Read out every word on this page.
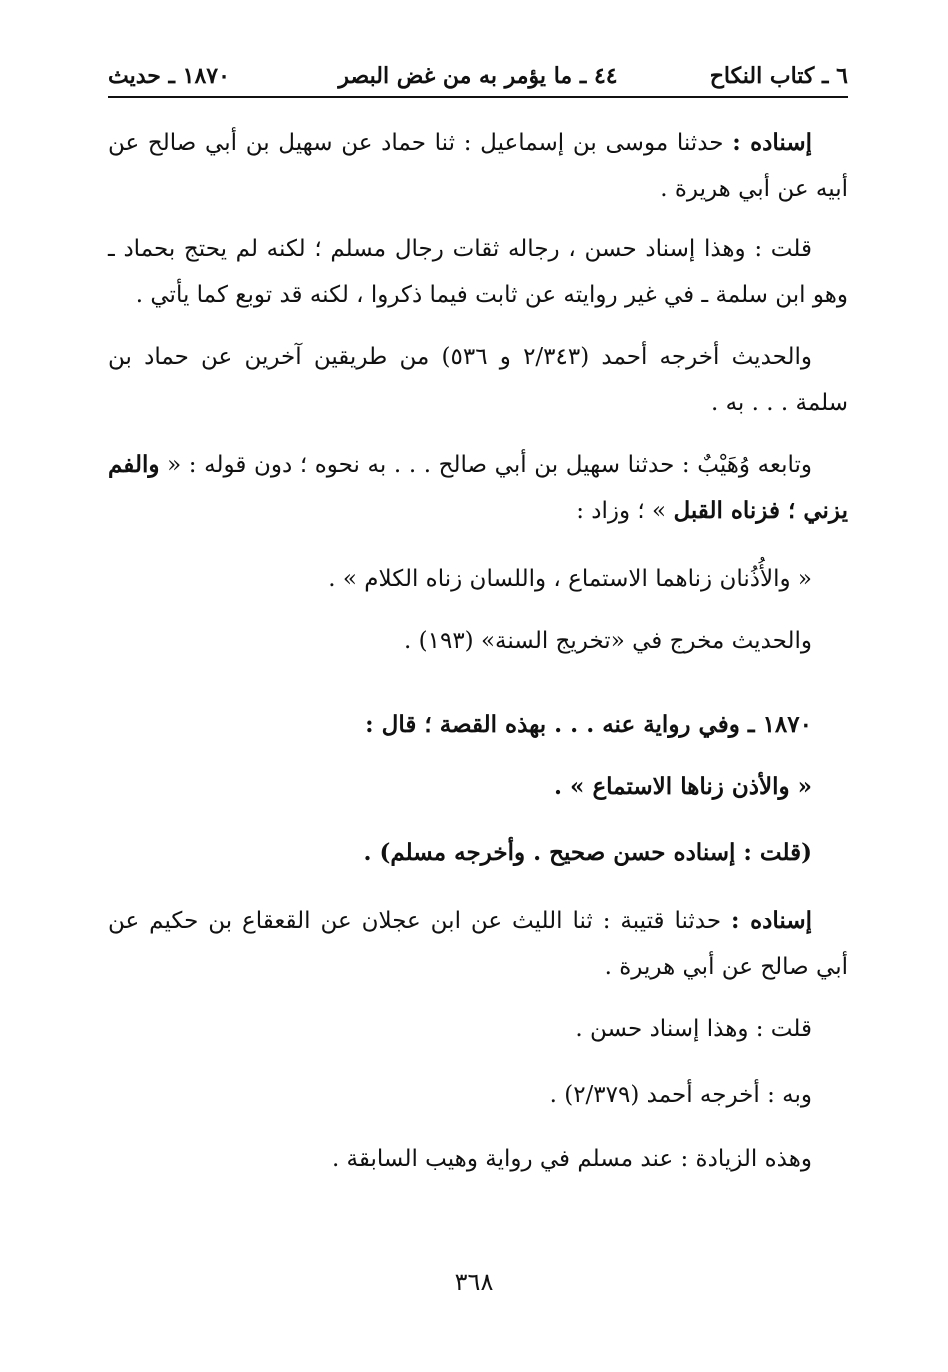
٦ ـ كتاب النكاح
٤٤ ـ ما يؤمر به من غض البصر
١٨٧٠ ـ حديث

إسناده : حدثنا موسى بن إسماعيل : ثنا حماد عن سهيل بن أبي صالح عن أبيه عن أبي هريرة .

قلت : وهذا إسناد حسن ، رجاله ثقات رجال مسلم ؛ لكنه لم يحتج بحماد ـ وهو ابن سلمة ـ في غير روايته عن ثابت فيما ذكروا ، لكنه قد توبع كما يأتي .

والحديث أخرجه أحمد (٢/٣٤٣ و ٥٣٦) من طريقين آخرين عن حماد بن سلمة . . . به .

وتابعه وُهَيْبٌ : حدثنا سهيل بن أبي صالح . . . به نحوه ؛ دون قوله : « والفم يزني ؛ فزناه القبل » ؛ وزاد :

« والأُذُنان زناهما الاستماع ، واللسان زناه الكلام » .

والحديث مخرج في «تخريج السنة» (١٩٣) .

١٨٧٠ ـ وفي رواية عنه . . . بهذه القصة ؛ قال :

« والأذن زناها الاستماع » .

(قلت : إسناده حسن صحيح . وأخرجه مسلم) .

إسناده : حدثنا قتيبة : ثنا الليث عن ابن عجلان عن القعقاع بن حكيم عن أبي صالح عن أبي هريرة .

قلت : وهذا إسناد حسن .

وبه : أخرجه أحمد (٢/٣٧٩) .

وهذه الزيادة : عند مسلم في رواية وهيب السابقة .

٣٦٨
